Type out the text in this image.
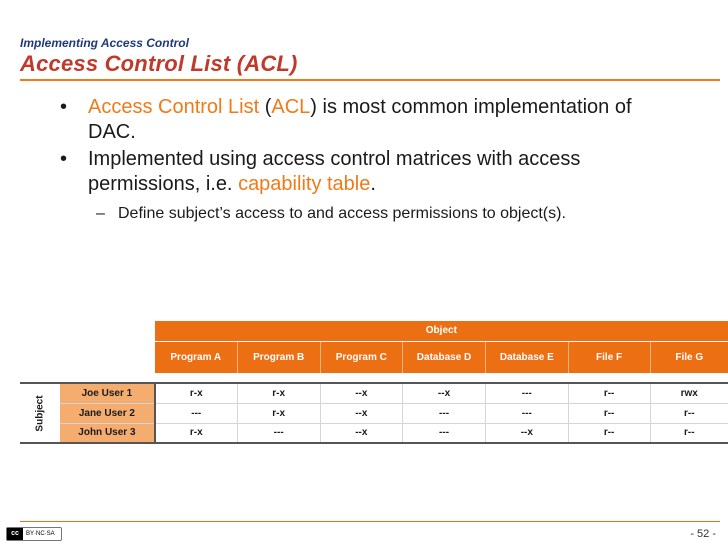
Implementing Access Control
Access Control List (ACL)
• Access Control List (ACL) is most common implementation of DAC.
• Implemented using access control matrices with access permissions, i.e. capability table.
– Define subject’s access to and access permissions to object(s).
		Object						
		Program A	Program B	Program C	Database D	Database E	File F	File G

Subject	Joe User 1	r-x	r-x	--x	--x	---	r--	rwx
	Jane User 2	---	r-x	--x	---	---	r--	r--
	John User 3	r-x	---	--x	---	--x	r--	r--
cc	BY·NC·SA	- 52 -
